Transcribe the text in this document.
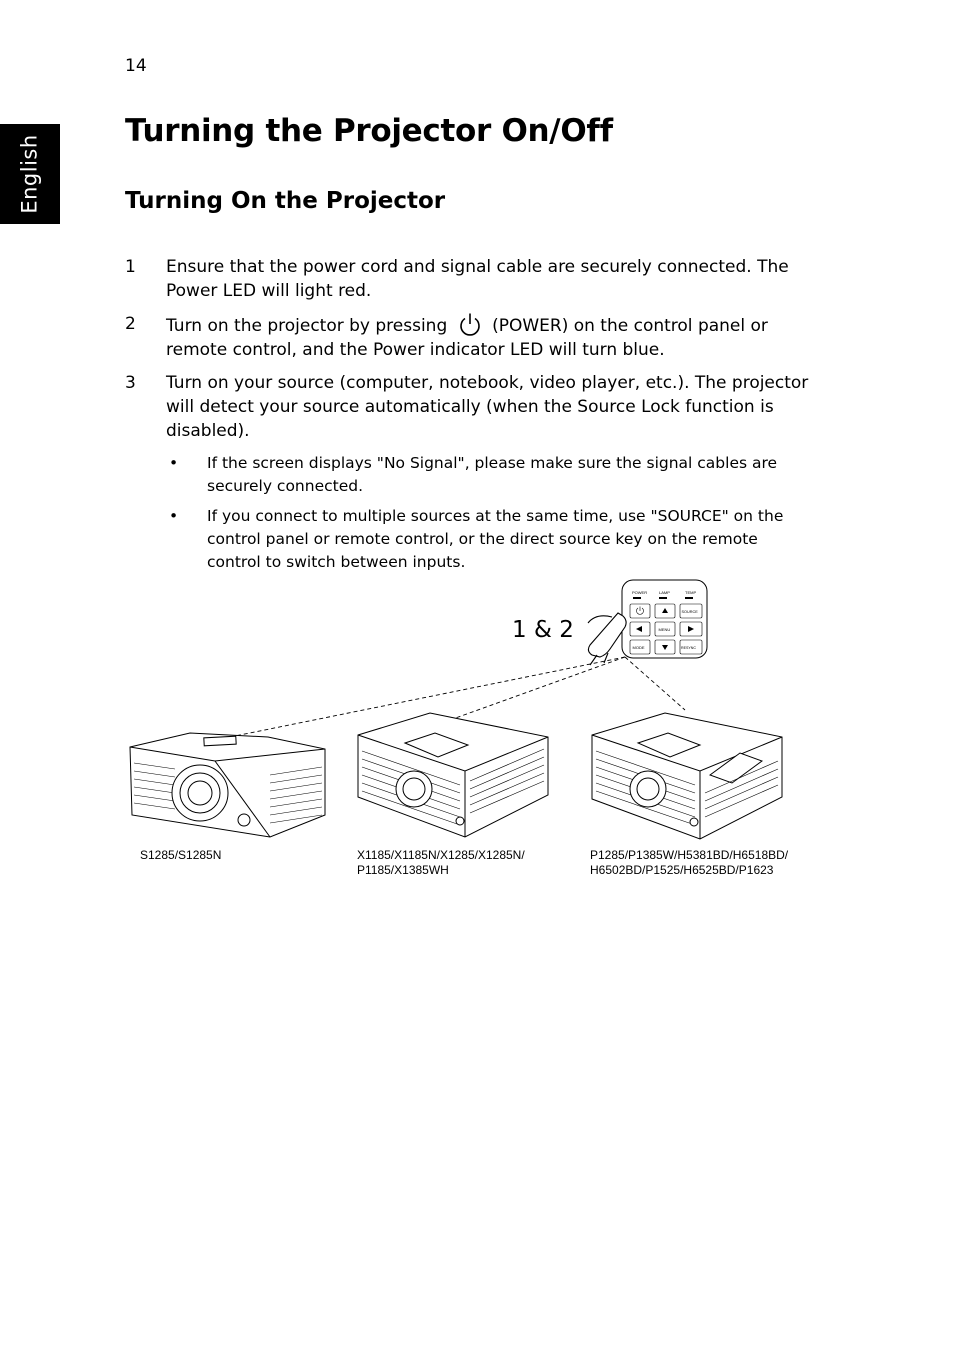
14
English
Turning the Projector On/Off
Turning On the Projector
1	Ensure that the power cord and signal cable are securely connected. The Power LED will light red.
2	Turn on the projector by pressing	(POWER) on the control panel or remote control, and the Power indicator LED will turn blue.
3	Turn on your source (computer, notebook, video player, etc.). The projector will detect your source automatically (when the Source Lock function is disabled).
•	If the screen displays "No Signal", please make sure the signal cables are securely connected.
•	If you connect to multiple sources at the same time, use "SOURCE" on the control panel or remote control, or the direct source key on the remote control to switch between inputs.
POWER	LAMP	TEMP
SOURCE
MENU
MODE	RESYNC
1 & 2
S1285/S1285N	X1185/X1185N/X1285/X1285N/
P1185/X1385WH
P1285/P1385W/H5381BD/H6518BD/
H6502BD/P1525/H6525BD/P1623
